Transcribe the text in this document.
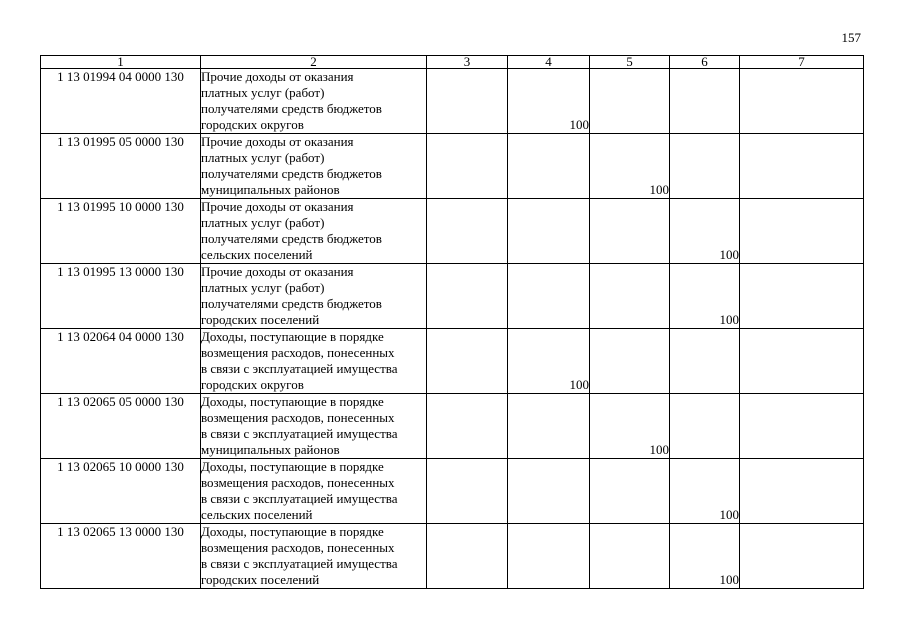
157
1	2	3	4	5	6	7
1 13 01994 04 0000 130	Прочие доходы от оказания
платных услуг (работ)
получателями средств бюджетов
городских округов		100			
1 13 01995 05 0000 130	Прочие доходы от оказания
платных услуг (работ)
получателями средств бюджетов
муниципальных районов			100		
1 13 01995 10 0000 130	Прочие доходы от оказания
платных услуг (работ)
получателями средств бюджетов
сельских поселений				100	
1 13 01995 13 0000 130	Прочие доходы от оказания
платных услуг (работ)
получателями средств бюджетов
городских поселений				100	
1 13 02064 04 0000 130	Доходы, поступающие в порядке
возмещения расходов, понесенных
в связи с эксплуатацией имущества
городских округов		100			
1 13 02065 05 0000 130	Доходы, поступающие в порядке
возмещения расходов, понесенных
в связи с эксплуатацией имущества
муниципальных районов			100		
1 13 02065 10 0000 130	Доходы, поступающие в порядке
возмещения расходов, понесенных
в связи с эксплуатацией имущества
сельских поселений				100	
1 13 02065 13 0000 130	Доходы, поступающие в порядке
возмещения расходов, понесенных
в связи с эксплуатацией имущества
городских поселений				100	
